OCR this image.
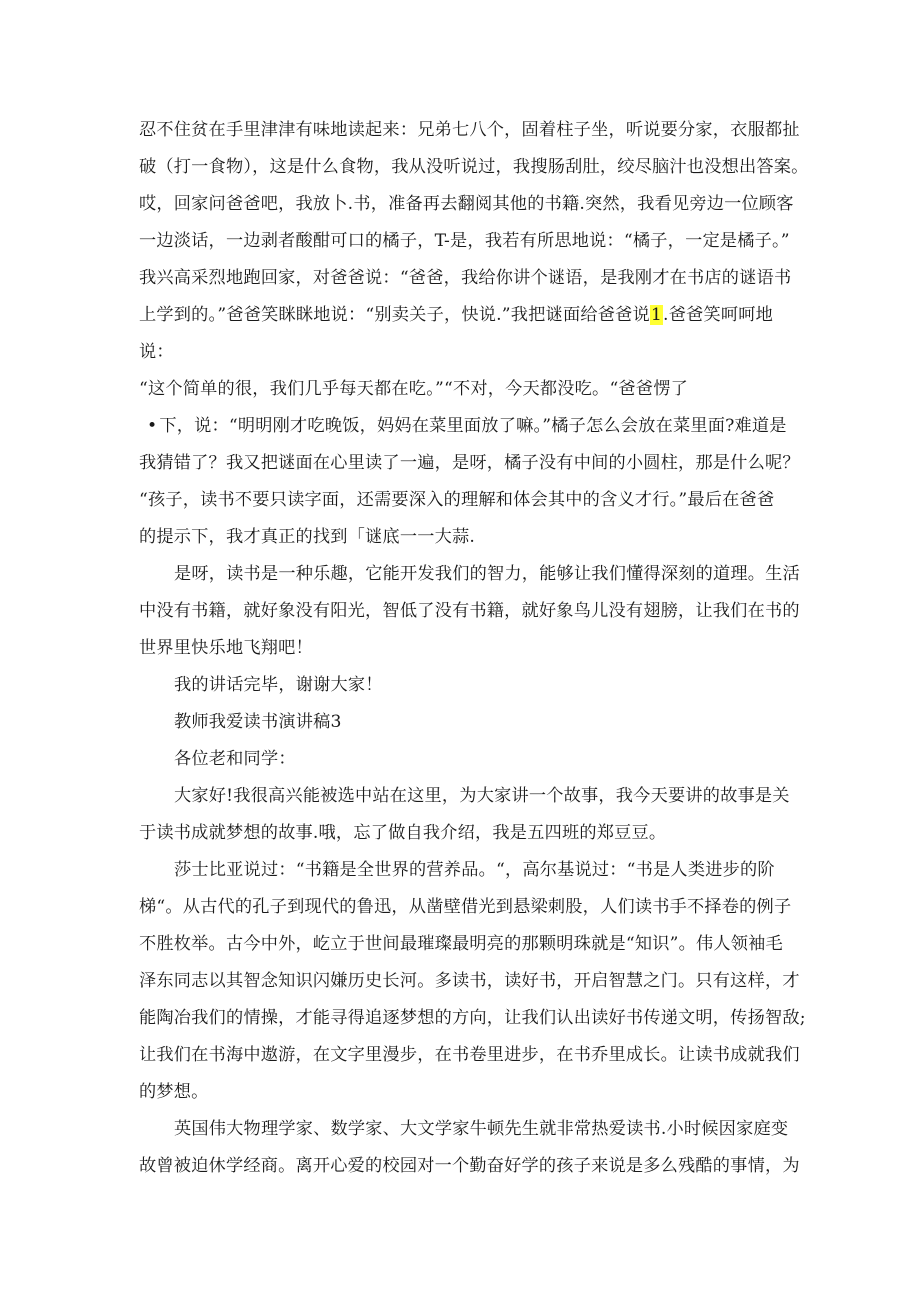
忍不住贫在手里津津有味地读起来：兄弟七八个，固着柱子坐，听说要分家，衣服都扯
破（打一食物），这是什么食物，我从没听说过，我搜肠刮肚，绞尽脑汁也没想出答案。
哎，回家问爸爸吧，我放卜.书，准备再去翻阅其他的书籍.突然，我看见旁边一位顾客
一边淡话，一边剥者酸酣可口的橘子，T-是，我若有所思地说：“橘子，一定是橘子。”
我兴高采烈地跑回家，对爸爸说：“爸爸，我给你讲个谜语，是我刚才在书店的谜语书
上学到的。”爸爸笑眯眯地说：“别卖关子，快说.”我把谜面给爸爸说1.爸爸笑呵呵地
说：
“这个简单的很，我们几乎每天都在吃。”“不对，今天都没吃。“爸爸愣了
• 下，说：“明明刚才吃晚饭，妈妈在菜里面放了嘛。”橘子怎么会放在菜里面?难道是
我猜错了？我又把谜面在心里读了一遍，是呀，橘子没有中间的小圆柱，那是什么呢？
“孩子，读书不要只读字面，还需要深入的理解和体会其中的含义才行。”最后在爸爸
的提示下，我才真正的找到「谜底一一大蒜.
是呀，读书是一种乐趣，它能开发我们的智力，能够让我们懂得深刻的道理。生活
中没有书籍，就好象没有阳光，智低了没有书籍，就好象鸟儿没有翅膀，让我们在书的
世界里快乐地飞翔吧！
我的讲话完毕，谢谢大家！
教师我爱读书演讲稿3
各位老和同学：
大家好!我很高兴能被选中站在这里，为大家讲一个故事，我今天要讲的故事是关
于读书成就梦想的故事.哦，忘了做自我介绍，我是五四班的郑豆豆。
莎士比亚说过：“书籍是全世界的营养品。“，高尔基说过：“书是人类进步的阶
梯“。从古代的孔子到现代的鲁迅，从凿壁借光到悬梁刺股，人们读书手不择卷的例子
不胜枚举。古今中外，屹立于世间最璀璨最明亮的那颗明珠就是“知识”。伟人领袖毛
泽东同志以其智念知识闪嫌历史长河。多读书，读好书，开启智慧之门。只有这样，才
能陶冶我们的情操，才能寻得追逐梦想的方向，让我们认出读好书传递文明，传扬智敌;
让我们在书海中遨游，在文字里漫步，在书卷里进步，在书乔里成长。让读书成就我们
的梦想。
英国伟大物理学家、数学家、大文学家牛顿先生就非常热爱读书.小时候因家庭变
故曾被迫休学经商。离开心爱的校园对一个勤奋好学的孩子来说是多么残酷的事情，为
